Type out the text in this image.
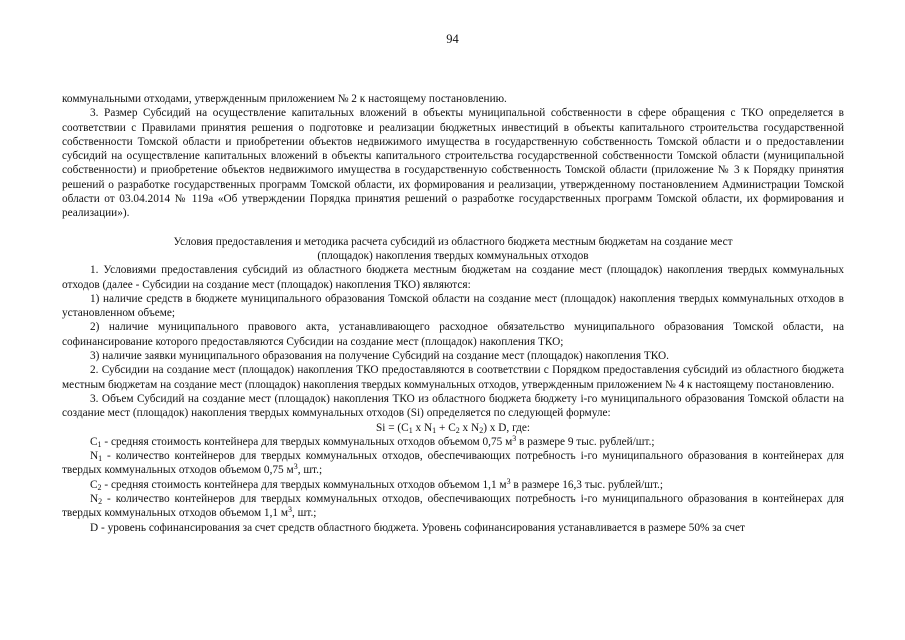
94

коммунальными отходами, утвержденным приложением № 2 к настоящему постановлению.

3. Размер Субсидий на осуществление капитальных вложений в объекты муниципальной собственности в сфере обращения с ТКО определяется в соответствии с Правилами принятия решения о подготовке и реализации бюджетных инвестиций в объекты капитального строительства государственной собственности Томской области и приобретении объектов недвижимого имущества в государственную собственность Томской области и о предоставлении субсидий на осуществление капитальных вложений в объекты капитального строительства государственной собственности Томской области (муниципальной собственности) и приобретение объектов недвижимого имущества в государственную собственность Томской области (приложение № 3 к Порядку принятия решений о разработке государственных программ Томской области, их формирования и реализации, утвержденному постановлением Администрации Томской области от 03.04.2014 № 119а «Об утверждении Порядка принятия решений о разработке государственных программ Томской области, их формирования и реализации»).

Условия предоставления и методика расчета субсидий из областного бюджета местным бюджетам на создание мест
(площадок) накопления твердых коммунальных отходов

1. Условиями предоставления субсидий из областного бюджета местным бюджетам на создание мест (площадок) накопления твердых коммунальных отходов (далее - Субсидии на создание мест (площадок) накопления ТКО) являются:

1) наличие средств в бюджете муниципального образования Томской области на создание мест (площадок) накопления твердых коммунальных отходов в установленном объеме;

2) наличие муниципального правового акта, устанавливающего расходное обязательство муниципального образования Томской области, на софинансирование которого предоставляются Субсидии на создание мест (площадок) накопления ТКО;

3) наличие заявки муниципального образования на получение Субсидий на создание мест (площадок) накопления ТКО.

2. Субсидии на создание мест (площадок) накопления ТКО предоставляются в соответствии с Порядком предоставления субсидий из областного бюджета местным бюджетам на создание мест (площадок) накопления твердых коммунальных отходов, утвержденным приложением № 4 к настоящему постановлению.

3. Объем Субсидий на создание мест (площадок) накопления ТКО из областного бюджета бюджету i-го муниципального образования Томской области на создание мест (площадок) накопления твердых коммунальных отходов (Si) определяется по следующей формуле:

$Si = (C_1$ x $N_1 + C_2$ x $N_2$) x D, где:

$C_1$ - средняя стоимость контейнера для твердых коммунальных отходов объемом 0,75 $м^3$ в размере 9 тыс. рублей/шт.;

$N_1$ - количество контейнеров для твердых коммунальных отходов, обеспечивающих потребность i-го муниципального образования в контейнерах для твердых коммунальных отходов объемом 0,75 $м^3$, шт.;

$C_2$ - средняя стоимость контейнера для твердых коммунальных отходов объемом 1,1 $м^3$ в размере 16,3 тыс. рублей/шт.;

$N_2$ - количество контейнеров для твердых коммунальных отходов, обеспечивающих потребность i-го муниципального образования в контейнерах для твердых коммунальных отходов объемом 1,1 $м^3$, шт.;

D - уровень софинансирования за счет средств областного бюджета. Уровень софинансирования устанавливается в размере 50% за счет
